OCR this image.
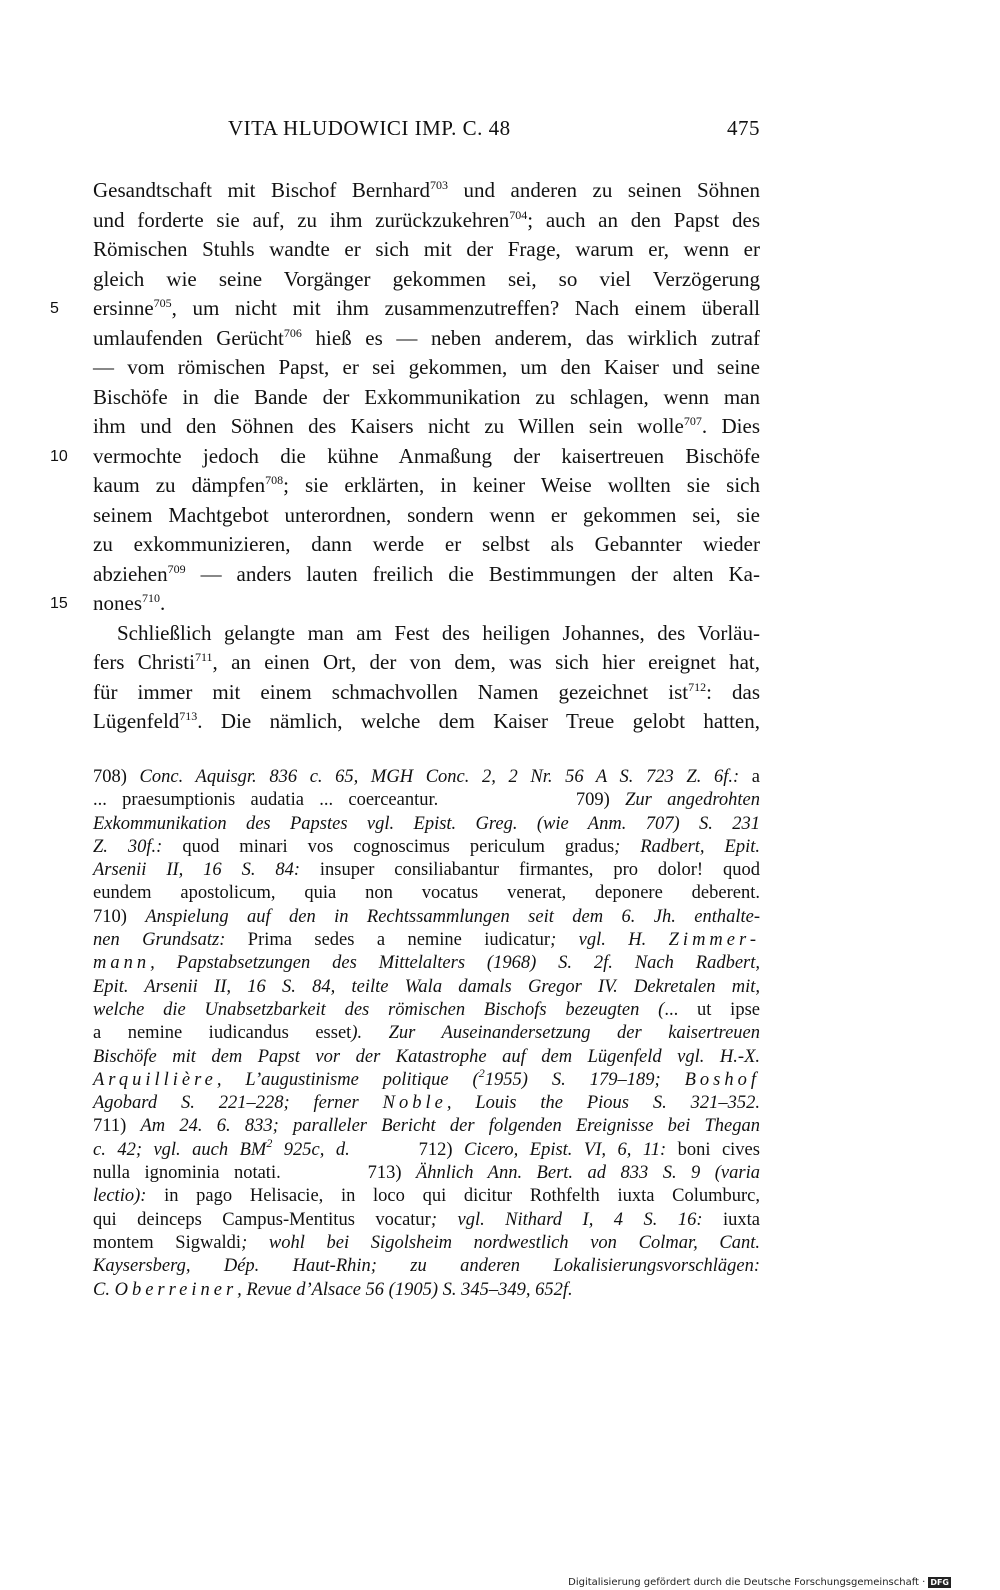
VITA HLUDOWICI IMP. C. 48	475
Gesandtschaft mit Bischof Bernhard$^{703}$ und anderen zu seinen Söhnen
und forderte sie auf, zu ihm zurückzukehren$^{704}$; auch an den Papst des
Römischen Stuhls wandte er sich mit der Frage, warum er, wenn er
gleich wie seine Vorgänger gekommen sei, so viel Verzögerung
5 ersinne$^{705}$, um nicht mit ihm zusammenzutreffen? Nach einem überall
umlaufenden Gerücht$^{706}$ hieß es — neben anderem, das wirklich zutraf
— vom römischen Papst, er sei gekommen, um den Kaiser und seine
Bischöfe in die Bande der Exkommunikation zu schlagen, wenn man
ihm und den Söhnen des Kaisers nicht zu Willen sein wolle$^{707}$. Dies
10 vermochte jedoch die kühne Anmaßung der kaisertreuen Bischöfe
kaum zu dämpfen$^{708}$; sie erklärten, in keiner Weise wollten sie sich
seinem Machtgebot unterordnen, sondern wenn er gekommen sei, sie
zu exkommunizieren, dann werde er selbst als Gebannter wieder
abziehen$^{709}$ — anders lauten freilich die Bestimmungen der alten Ka-
15 nones$^{710}$.
Schließlich gelangte man am Fest des heiligen Johannes, des Vorläu-
fers Christi$^{711}$, an einen Ort, der von dem, was sich hier ereignet hat,
für immer mit einem schmachvollen Namen gezeichnet ist$^{712}$: das
Lügenfeld$^{713}$. Die nämlich, welche dem Kaiser Treue gelobt hatten,
708) Conc. Aquisgr. 836 c. 65, MGH Conc. 2, 2 Nr. 56 A S. 723 Z. 6f.: a
... praesumptionis audatia ... coerceantur.	709) Zur angedrohten
Exkommunikation des Papstes vgl. Epist. Greg. (wie Anm. 707) S. 231
Z. 30f.: quod minari vos cognoscimus periculum gradus; Radbert, Epit.
Arsenii II, 16 S. 84: insuper consiliabantur firmantes, pro dolor! quod
eundem apostolicum, quia non vocatus venerat, deponere deberent.
710) Anspielung auf den in Rechtssammlungen seit dem 6. Jh. enthalte-
nen Grundsatz: Prima sedes a nemine iudicatur; vgl. H. Zimmer-
mann, Papstabsetzungen des Mittelalters (1968) S. 2f. Nach Radbert,
Epit. Arsenii II, 16 S. 84, teilte Wala damals Gregor IV. Dekretalen mit,
welche die Unabsetzbarkeit des römischen Bischofs bezeugten (... ut ipse
a nemine iudicandus esset). Zur Auseinandersetzung der kaisertreuen
Bischöfe mit dem Papst vor der Katastrophe auf dem Lügenfeld vgl. H.-X.
Arquillière, L’augustinisme politique ($^2$1955) S. 179–189; Boshof
Agobard S. 221–228; ferner Noble, Louis the Pious S. 321–352.
711) Am 24. 6. 833; paralleler Bericht der folgenden Ereignisse bei Thegan
c. 42; vgl. auch $BM^2$ 925c, d.	712) Cicero, Epist. VI, 6, 11: boni cives
nulla ignominia notati.	713) Ähnlich Ann. Bert. ad 833 S. 9 (varia
lectio): in pago Helisacie, in loco qui dicitur Rothfelth iuxta Columburc,
qui deinceps Campus-Mentitus vocatur; vgl. Nithard I, 4 S. 16: iuxta
montem Sigwaldi; wohl bei Sigolsheim nordwestlich von Colmar, Cant.
Kaysersberg, Dép. Haut-Rhin; zu anderen Lokalisierungsvorschlägen:
C. Oberreiner, Revue d’Alsace 56 (1905) S. 345–349, 652f.
Digitalisierung gefördert durch die Deutsche Forschungsgemeinschaft · DFG
